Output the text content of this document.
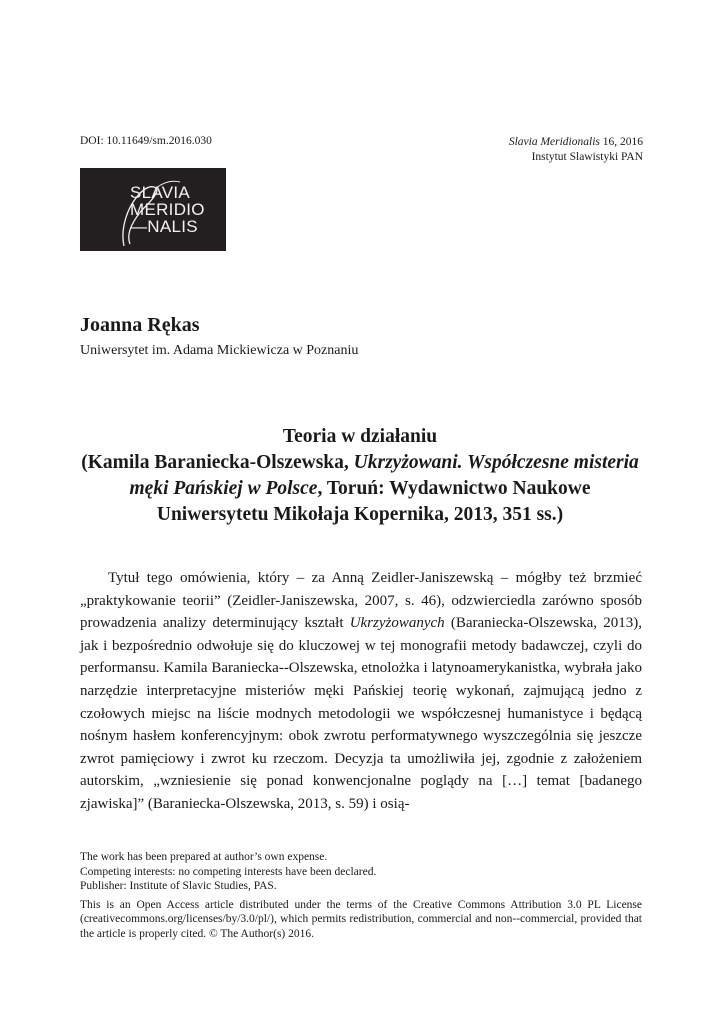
DOI: 10.11649/sm.2016.030	Slavia Meridionalis 16, 2016
Instytut Slawistyki PAN
SLAVIA
MERIDIO
—NALIS
Joanna Rękas
Uniwersytet im. Adama Mickiewicza w Poznaniu
Teoria w działaniu
(Kamila Baraniecka-Olszewska, Ukrzyżowani. Współczesne misteria męki Pańskiej w Polsce, Toruń: Wydawnictwo Naukowe Uniwersytetu Mikołaja Kopernika, 2013, 351 ss.)

Tytuł tego omówienia, który – za Anną Zeidler-Janiszewską – mógłby też brzmieć „praktykowanie teorii” (Zeidler-Janiszewska, 2007, s. 46), odzwierciedla zarówno sposób prowadzenia analizy determinujący kształt Ukrzyżowanych (Baraniecka-Olszewska, 2013), jak i bezpośrednio odwołuje się do kluczowej w tej monografii metody badawczej, czyli do performansu. Kamila Baraniecka--Olszewska, etnolożka i latynoamerykanistka, wybrała jako narzędzie interpretacyjne misteriów męki Pańskiej teorię wykonań, zajmującą jedno z czołowych miejsc na liście modnych metodologii we współczesnej humanistyce i będącą nośnym hasłem konferencyjnym: obok zwrotu performatywnego wyszczególnia się jeszcze zwrot pamięciowy i zwrot ku rzeczom. Decyzja ta umożliwiła jej, zgodnie z założeniem autorskim, „wzniesienie się ponad konwencjonalne poglądy na […] temat [badanego zjawiska]” (Baraniecka-Olszewska, 2013, s. 59) i osią-

The work has been prepared at author’s own expense.
Competing interests: no competing interests have been declared.
Publisher: Institute of Slavic Studies, PAS.
This is an Open Access article distributed under the terms of the Creative Commons Attribution 3.0 PL License (creativecommons.org/licenses/by/3.0/pl/), which permits redistribution, commercial and non--commercial, provided that the article is properly cited. © The Author(s) 2016.
